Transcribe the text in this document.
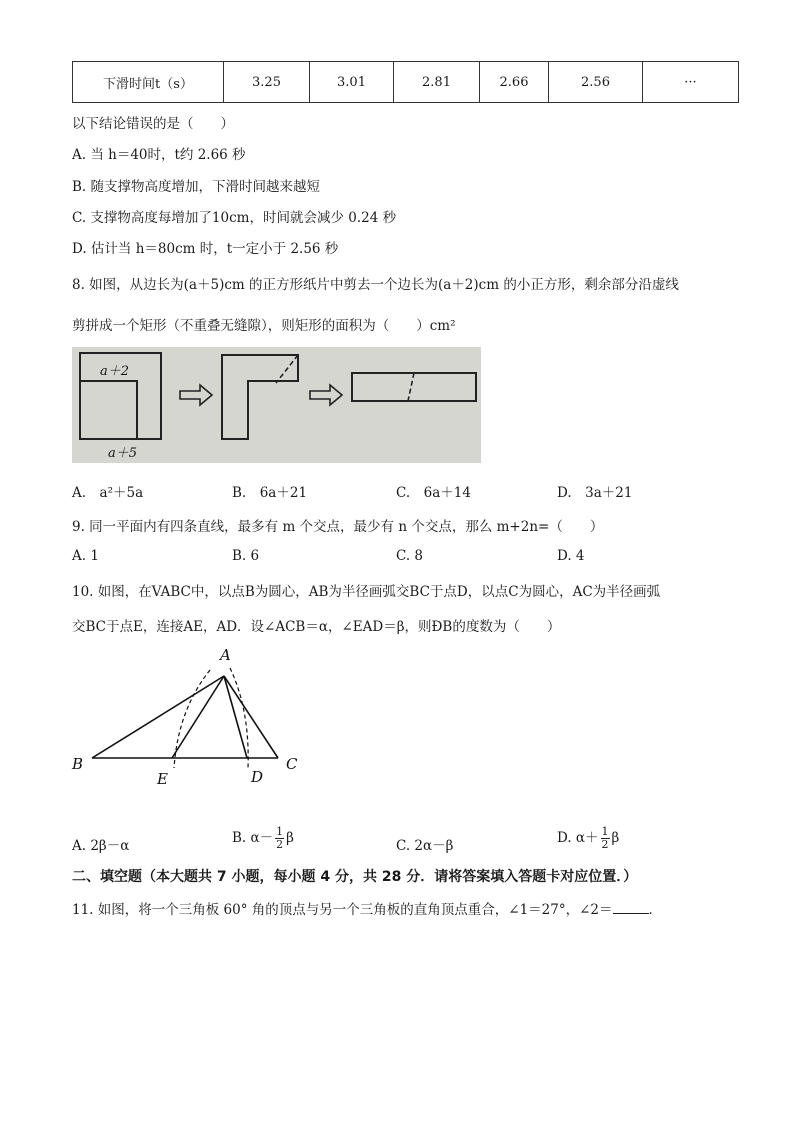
下滑时间t（s）	3.25	3.01	2.81	2.66	2.56	···
以下结论错误的是（　　）
A. 当 h＝40时，t约 2.66 秒
B. 随支撑物高度增加，下滑时间越来越短
C. 支撑物高度每增加了10cm，时间就会减少 0.24 秒
D. 估计当 h＝80cm 时，t一定小于 2.56 秒
8. 如图，从边长为(a＋5)cm 的正方形纸片中剪去一个边长为(a＋2)cm 的小正方形，剩余部分沿虚线
剪拼成一个矩形（不重叠无缝隙），则矩形的面积为（　　）cm²
a＋2
a＋5
A.　a²＋5a	B.　6a＋21	C.　6a＋14	D.　3a＋21
9. 同一平面内有四条直线，最多有 m 个交点，最少有 n 个交点，那么 m+2n=（　　）
A. 1	B. 6	C. 8	D. 4
10. 如图，在VABC中，以点B为圆心，AB为半径画弧交BC于点D，以点C为圆心，AC为半径画弧
交BC于点E，连接AE，AD．设∠ACB＝α，∠EAD＝β，则ÐB的度数为（　　）
A
B	C
D
E
A. 2β－α	B. $\alpha- \frac{1}{2}$ β	C. 2α－β	D. $\alpha+ \frac{1}{2}$ β
二、填空题（本大题共 7 小题，每小题 4 分，共 28 分．请将答案填入答题卡对应位置．）
11. 如图，将一个三角板 60° 角的顶点与另一个三角板的直角顶点重合，∠1＝27°，∠2＝	．
